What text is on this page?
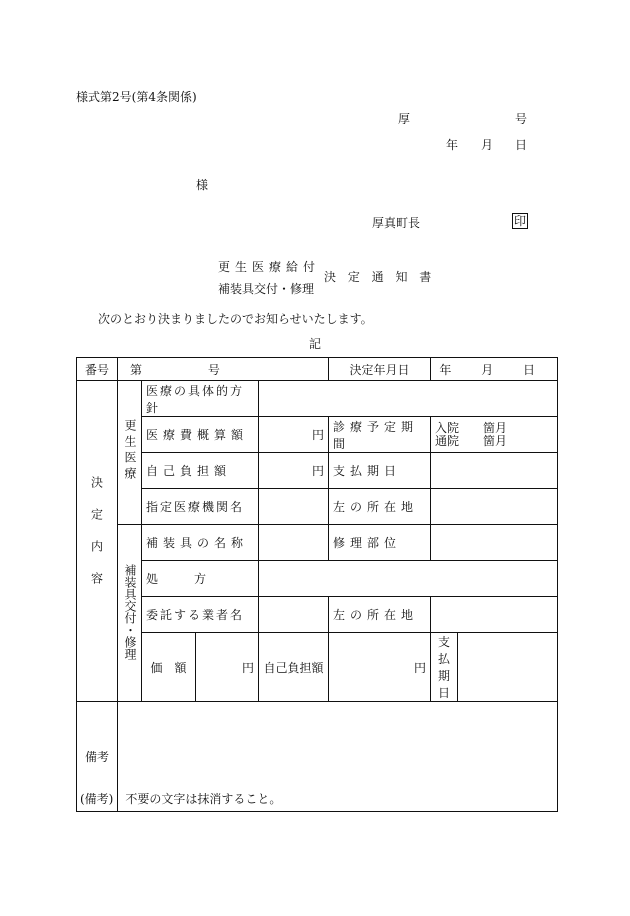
様式第2号(第4条関係)
厚	号
年 月 日
様
厚真町長	印
更生医療給付
補装具交付・修理
決 定 通 知 書
次のとおり決まりましたのでお知らせいたします。
記
番号	第 号				決定年月日	年 月 日	
決定内容	更生医療	医療の具体的方針					
		医療費概算額		円	診療予定期間	入院　　箇月
通院　　箇月	

		自己負担額		円	支払期日		
		指定医療機関名			左の所在地		
	補装具交付・修理	補装具の名称			修理部位		
		処　　　方					
		委託する業者名			左の所在地		
		価　額	円	自己負担額	円	支払期日	
備考							
(備考)　不要の文字は抹消すること。
